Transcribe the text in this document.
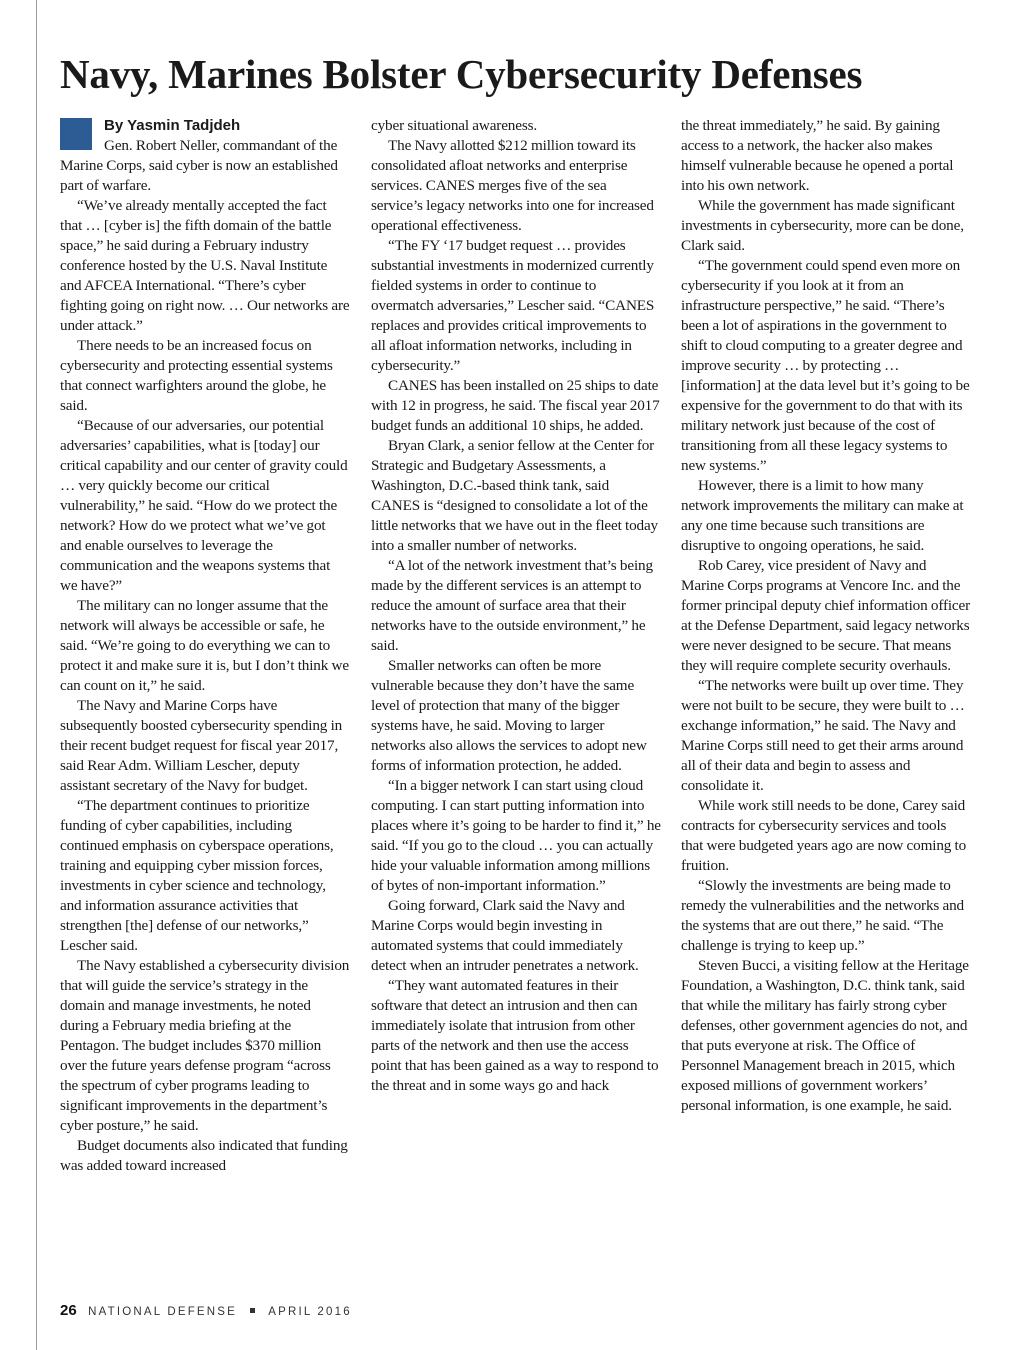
Navy, Marines Bolster Cybersecurity Defenses
By Yasmin Tadjdeh

Gen. Robert Neller, commandant of the Marine Corps, said cyber is now an established part of warfare.

“We’ve already mentally accepted the fact that … [cyber is] the fifth domain of the battle space,” he said during a February industry conference hosted by the U.S. Naval Institute and AFCEA International. “There’s cyber fighting going on right now. … Our networks are under attack.”

There needs to be an increased focus on cybersecurity and protecting essential systems that connect warfighters around the globe, he said.

“Because of our adversaries, our potential adversaries’ capabilities, what is [today] our critical capability and our center of gravity could … very quickly become our critical vulnerability,” he said. “How do we protect the network? How do we protect what we’ve got and enable ourselves to leverage the communication and the weapons systems that we have?”

The military can no longer assume that the network will always be accessible or safe, he said. “We’re going to do everything we can to protect it and make sure it is, but I don’t think we can count on it,” he said.

The Navy and Marine Corps have subsequently boosted cybersecurity spending in their recent budget request for fiscal year 2017, said Rear Adm. William Lescher, deputy assistant secretary of the Navy for budget.

“The department continues to prioritize funding of cyber capabilities, including continued emphasis on cyberspace operations, training and equipping cyber mission forces, investments in cyber science and technology, and information assurance activities that strengthen [the] defense of our networks,” Lescher said.

The Navy established a cybersecurity division that will guide the service’s strategy in the domain and manage investments, he noted during a February media briefing at the Pentagon. The budget includes $370 million over the future years defense program “across the spectrum of cyber programs leading to significant improvements in the department’s cyber posture,” he said.

Budget documents also indicated that funding was added toward increased

cyber situational awareness.

The Navy allotted $212 million toward its consolidated afloat networks and enterprise services. CANES merges five of the sea service’s legacy networks into one for increased operational effectiveness.

“The FY ‘17 budget request … provides substantial investments in modernized currently fielded systems in order to continue to overmatch adversaries,” Lescher said. “CANES replaces and provides critical improvements to all afloat information networks, including in cybersecurity.”

CANES has been installed on 25 ships to date with 12 in progress, he said. The fiscal year 2017 budget funds an additional 10 ships, he added.

Bryan Clark, a senior fellow at the Center for Strategic and Budgetary Assessments, a Washington, D.C.-based think tank, said CANES is “designed to consolidate a lot of the little networks that we have out in the fleet today into a smaller number of networks.

“A lot of the network investment that’s being made by the different services is an attempt to reduce the amount of surface area that their networks have to the outside environment,” he said.

Smaller networks can often be more vulnerable because they don’t have the same level of protection that many of the bigger systems have, he said. Moving to larger networks also allows the services to adopt new forms of information protection, he added.

“In a bigger network I can start using cloud computing. I can start putting information into places where it’s going to be harder to find it,” he said. “If you go to the cloud … you can actually hide your valuable information among millions of bytes of non-important information.”

Going forward, Clark said the Navy and Marine Corps would begin investing in automated systems that could immediately detect when an intruder penetrates a network.

“They want automated features in their software that detect an intrusion and then can immediately isolate that intrusion from other parts of the network and then use the access point that has been gained as a way to respond to the threat and in some ways go and hack

the threat immediately,” he said. By gaining access to a network, the hacker also makes himself vulnerable because he opened a portal into his own network.

While the government has made significant investments in cybersecurity, more can be done, Clark said.

“The government could spend even more on cybersecurity if you look at it from an infrastructure perspective,” he said. “There’s been a lot of aspirations in the government to shift to cloud computing to a greater degree and improve security … by protecting … [information] at the data level but it’s going to be expensive for the government to do that with its military network just because of the cost of transitioning from all these legacy systems to new systems.”

However, there is a limit to how many network improvements the military can make at any one time because such transitions are disruptive to ongoing operations, he said.

Rob Carey, vice president of Navy and Marine Corps programs at Vencore Inc. and the former principal deputy chief information officer at the Defense Department, said legacy networks were never designed to be secure. That means they will require complete security overhauls.

“The networks were built up over time. They were not built to be secure, they were built to … exchange information,” he said. The Navy and Marine Corps still need to get their arms around all of their data and begin to assess and consolidate it.

While work still needs to be done, Carey said contracts for cybersecurity services and tools that were budgeted years ago are now coming to fruition.

“Slowly the investments are being made to remedy the vulnerabilities and the networks and the systems that are out there,” he said. “The challenge is trying to keep up.”

Steven Bucci, a visiting fellow at the Heritage Foundation, a Washington, D.C. think tank, said that while the military has fairly strong cyber defenses, other government agencies do not, and that puts everyone at risk. The Office of Personnel Management breach in 2015, which exposed millions of government workers’ personal information, is one example, he said.

26 NATIONAL DEFENSE	APRIL 2016
